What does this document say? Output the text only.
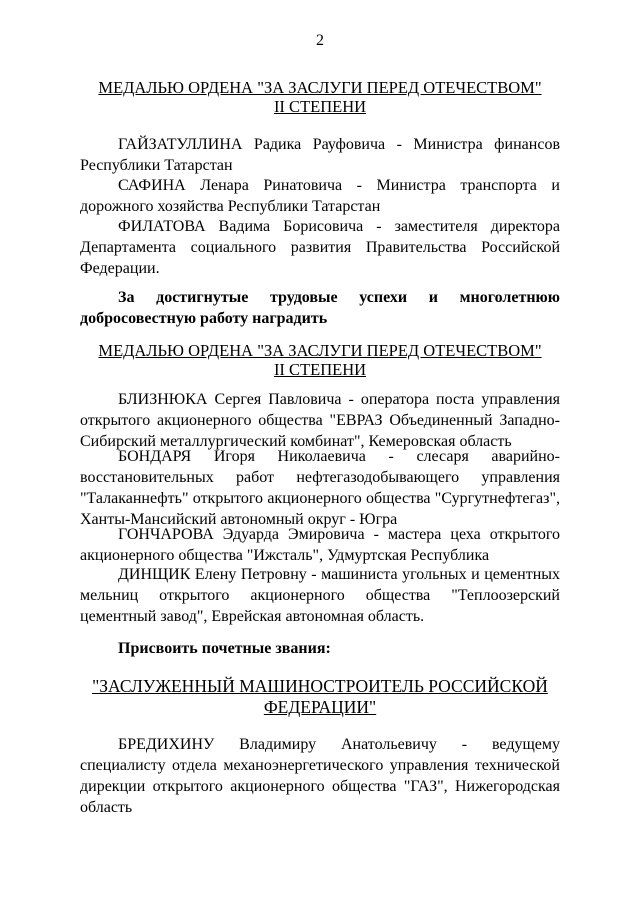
2
МЕДАЛЬЮ ОРДЕНА "ЗА ЗАСЛУГИ ПЕРЕД ОТЕЧЕСТВОМ"
II СТЕПЕНИ
ГАЙЗАТУЛЛИНА Радика Рауфовича - Министра финансов Республики Татарстан
САФИНА Ленара Ринатовича - Министра транспорта и дорожного хозяйства Республики Татарстан
ФИЛАТОВА Вадима Борисовича - заместителя директора Департамента социального развития Правительства Российской Федерации.
За достигнутые трудовые успехи и многолетнюю добросовестную работу наградить
МЕДАЛЬЮ ОРДЕНА "ЗА ЗАСЛУГИ ПЕРЕД ОТЕЧЕСТВОМ"
II СТЕПЕНИ
БЛИЗНЮКА Сергея Павловича - оператора поста управления открытого акционерного общества "ЕВРАЗ Объединенный Западно-Сибирский металлургический комбинат", Кемеровская область
БОНДАРЯ Игоря Николаевича - слесаря аварийно-восстановительных работ нефтегазодобывающего управления "Талаканнефть" открытого акционерного общества "Сургутнефтегаз", Ханты-Мансийский автономный округ - Югра
ГОНЧАРОВА Эдуарда Эмировича - мастера цеха открытого акционерного общества "Ижсталь", Удмуртская Республика
ДИНЩИК Елену Петровну - машиниста угольных и цементных мельниц открытого акционерного общества "Теплоозерский цементный завод", Еврейская автономная область.
Присвоить почетные звания:
"ЗАСЛУЖЕННЫЙ МАШИНОСТРОИТЕЛЬ РОССИЙСКОЙ
ФЕДЕРАЦИИ"
БРЕДИХИНУ Владимиру Анатольевичу - ведущему специалисту отдела механоэнергетического управления технической дирекции открытого акционерного общества "ГАЗ", Нижегородская область
